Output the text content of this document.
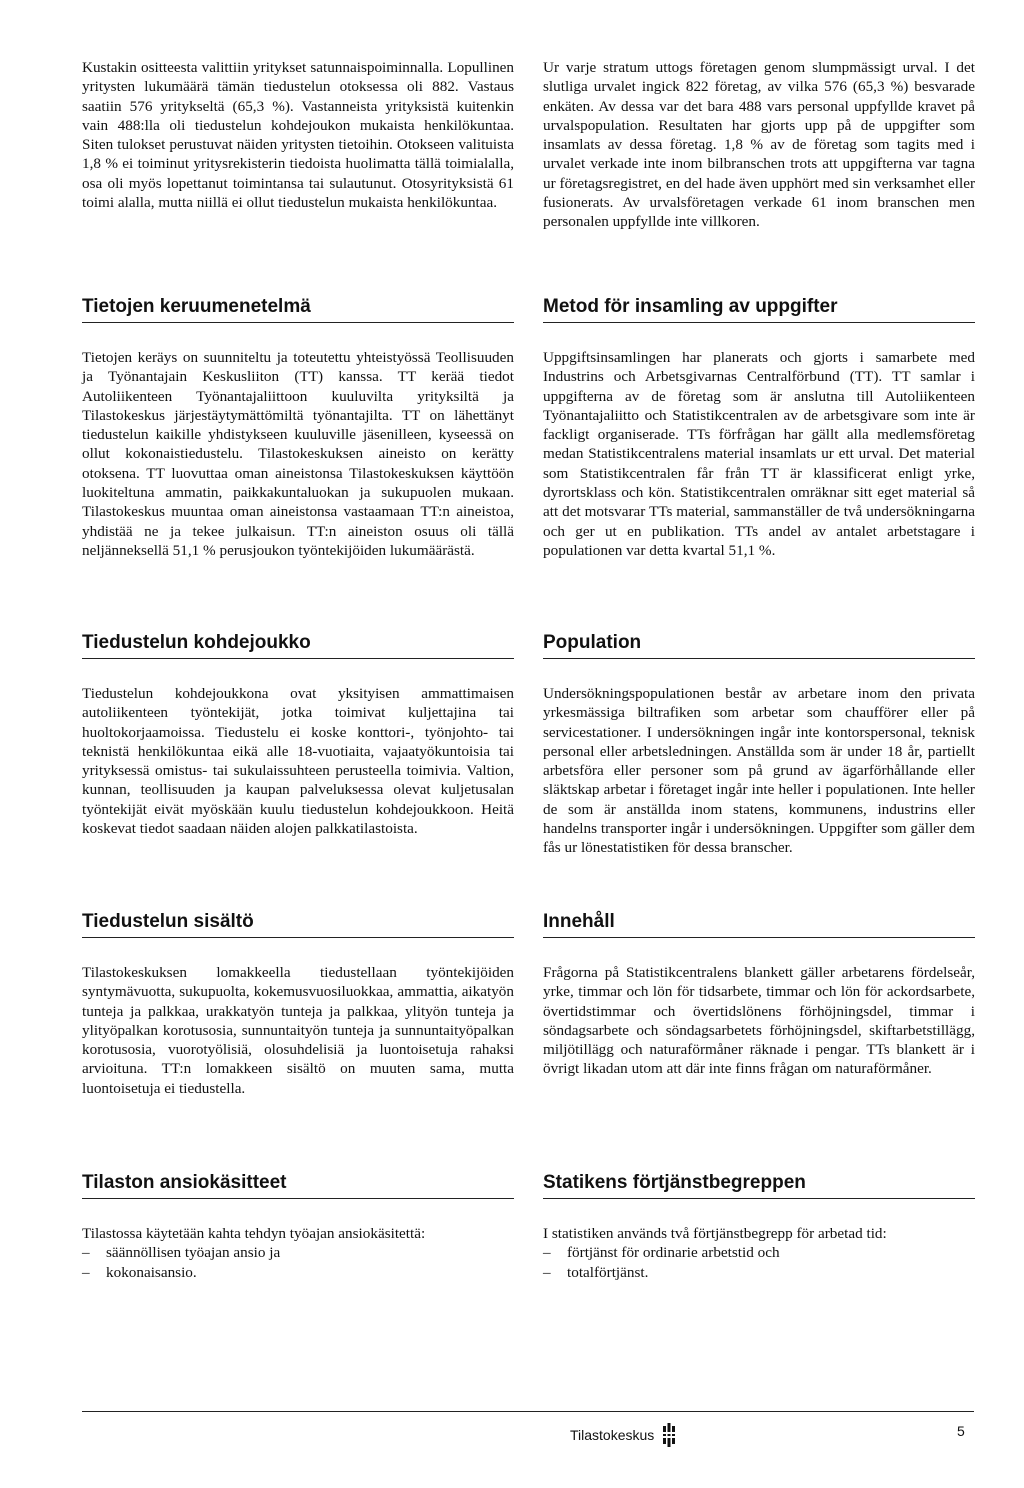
Kustakin ositteesta valittiin yritykset satunnaispoiminnalla. Lopullinen yritysten lukumäärä tämän tiedustelun otoksessa oli 882. Vastaus saatiin 576 yritykseltä (65,3 %). Vastanneista yrityksistä kuitenkin vain 488:lla oli tiedustelun kohdejoukon mukaista henkilökuntaa. Siten tulokset perustuvat näiden yritysten tietoihin. Otokseen valituista 1,8 % ei toiminut yritysrekisterin tiedoista huolimatta tällä toimialalla, osa oli myös lopettanut toimintansa tai sulautunut. Otosyrityksistä 61 toimi alalla, mutta niillä ei ollut tiedustelun mukaista henkilökuntaa.

Tietojen keruumenetelmä

Tietojen keräys on suunniteltu ja toteutettu yhteistyössä Teollisuuden ja Työnantajain Keskusliiton (TT) kanssa. TT kerää tiedot Autoliikenteen Työnantajaliittoon kuuluvilta yrityksiltä ja Tilastokeskus järjestäytymättömiltä työnantajilta. TT on lähettänyt tiedustelun kaikille yhdistykseen kuuluville jäsenilleen, kyseessä on ollut kokonaistiedustelu. Tilastokeskuksen aineisto on kerätty otoksena. TT luovuttaa oman aineistonsa Tilastokeskuksen käyttöön luokiteltuna ammatin, paikkakuntaluokan ja sukupuolen mukaan. Tilastokeskus muuntaa oman aineistonsa vastaamaan TT:n aineistoa, yhdistää ne ja tekee julkaisun. TT:n aineiston osuus oli tällä neljänneksellä 51,1 % perusjoukon työntekijöiden lukumäärästä.

Tiedustelun kohdejoukko

Tiedustelun kohdejoukkona ovat yksityisen ammattimaisen autoliikenteen työntekijät, jotka toimivat kuljettajina tai huoltokorjaamoissa. Tiedustelu ei koske konttori-, työnjohto- tai teknistä henkilökuntaa eikä alle 18-vuotiaita, vajaatyökuntoisia tai yrityksessä omistus- tai sukulaissuhteen perusteella toimivia. Valtion, kunnan, teollisuuden ja kaupan palveluksessa olevat kuljetusalan työntekijät eivät myöskään kuulu tiedustelun kohdejoukkoon. Heitä koskevat tiedot saadaan näiden alojen palkkatilastoista.

Tiedustelun sisältö

Tilastokeskuksen lomakkeella tiedustellaan työntekijöiden syntymävuotta, sukupuolta, kokemusvuosiluokkaa, ammattia, aikatyön tunteja ja palkkaa, urakkatyön tunteja ja palkkaa, ylityön tunteja ja ylityöpalkan korotusosia, sunnuntaityön tunteja ja sunnuntaityöpalkan korotusosia, vuorotyölisiä, olosuhdelisiä ja luontoisetuja rahaksi arvioituna. TT:n lomakkeen sisältö on muuten sama, mutta luontoisetuja ei tiedustella.

Tilaston ansiokäsitteet

Tilastossa käytetään kahta tehdyn työajan ansiokäsitettä:

– säännöllisen työajan ansio ja
– kokonaisansio.

Ur varje stratum uttogs företagen genom slumpmässigt urval. I det slutliga urvalet ingick 822 företag, av vilka 576 (65,3 %) besvarade enkäten. Av dessa var det bara 488 vars personal uppfyllde kravet på urvalspopulation. Resultaten har gjorts upp på de uppgifter som insamlats av dessa företag. 1,8 % av de företag som tagits med i urvalet verkade inte inom bilbranschen trots att uppgifterna var tagna ur företagsregistret, en del hade även upphört med sin verksamhet eller fusionerats. Av urvalsföretagen verkade 61 inom branschen men personalen uppfyllde inte villkoren.

Metod för insamling av uppgifter

Uppgiftsinsamlingen har planerats och gjorts i samarbete med Industrins och Arbetsgivarnas Centralförbund (TT). TT samlar i uppgifterna av de företag som är anslutna till Autoliikenteen Työnantajaliitto och Statistikcentralen av de arbetsgivare som inte är fackligt organiserade. TTs förfrågan har gällt alla medlemsföretag medan Statistikcentralens material insamlats ur ett urval. Det material som Statistikcentralen får från TT är klassificerat enligt yrke, dyrortsklass och kön. Statistikcentralen omräknar sitt eget material så att det motsvarar TTs material, sammanställer de två undersökningarna och ger ut en publikation. TTs andel av antalet arbetstagare i populationen var detta kvartal 51,1 %.

Population

Undersökningspopulationen består av arbetare inom den privata yrkesmässiga biltrafiken som arbetar som chaufförer eller på servicestationer. I undersökningen ingår inte kontorspersonal, teknisk personal eller arbetsledningen. Anställda som är under 18 år, partiellt arbetsföra eller personer som på grund av ägarförhållande eller släktskap arbetar i företaget ingår inte heller i populationen. Inte heller de som är anställda inom statens, kommunens, industrins eller handelns transporter ingår i undersökningen. Uppgifter som gäller dem fås ur lönestatistiken för dessa branscher.

Innehåll

Frågorna på Statistikcentralens blankett gäller arbetarens fördelseår, yrke, timmar och lön för tidsarbete, timmar och lön för ackordsarbete, övertidstimmar och övertidslönens förhöjningsdel, timmar i söndagsarbete och söndagsarbetets förhöjningsdel, skiftarbetstillägg, miljötillägg och naturaförmåner räknade i pengar. TTs blankett är i övrigt likadan utom att där inte finns frågan om naturaförmåner.

Statikens förtjänstbegreppen

I statistiken används två förtjänstbegrepp för arbetad tid:

– förtjänst för ordinarie arbetstid och
– totalförtjänst.
Tilastokeskus	5
